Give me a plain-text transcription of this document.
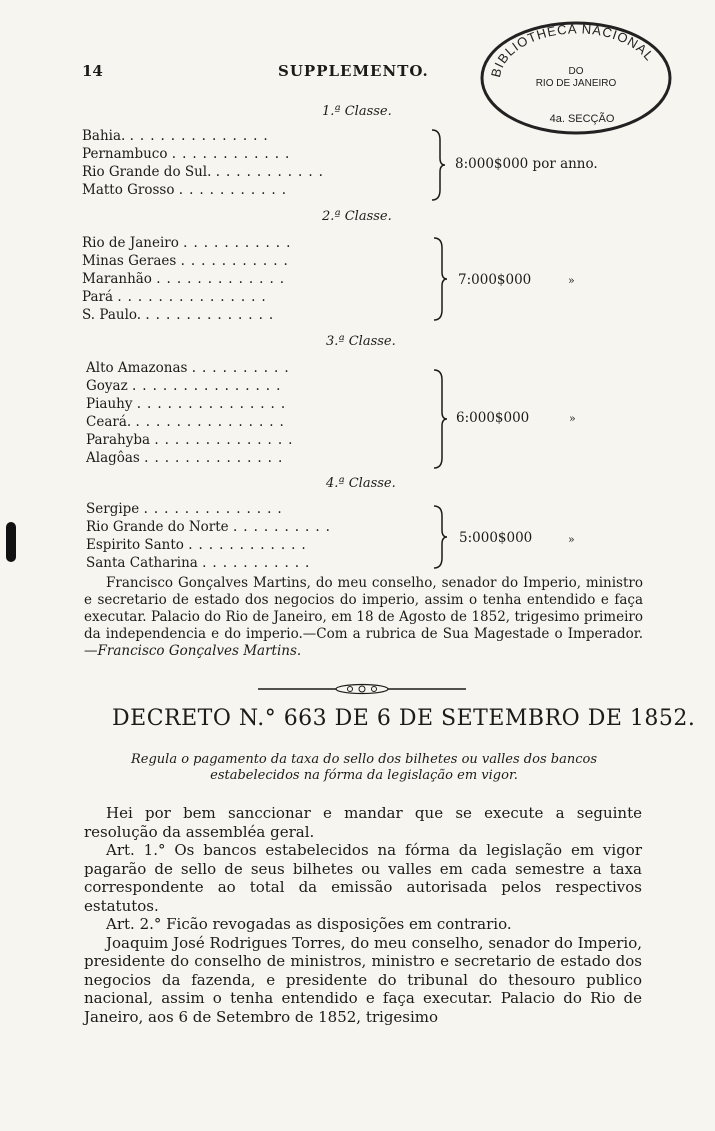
14	SUPPLEMENTO.	BIBLIOTHECA NACIONAL
DO
RIO DE JANEIRO
4a. SECÇÃO
1.ª Classe.
Bahia. ..............
Pernambuco ............
Rio Grande do Sul. ...........
Matto Grosso ...........
8:000$000 por anno.
2.ª Classe.
Rio de Janeiro ...........
Minas Geraes ...........
Maranhão .............
Pará ...............
S. Paulo. .............
7:000$000	»
3.ª Classe.
Alto Amazonas ..........
Goyaz ...............
Piauhy ...............
Ceará. ...............
Parahyba ..............
Alagôas ..............
6:000$000	»
4.ª Classe.
Sergipe ..............
Rio Grande do Norte ..........
Espirito Santo ............
Santa Catharina ...........
5:000$000	»
Francisco Gonçalves Martins, do meu conselho, senador do Imperio, ministro e secretario de estado dos negocios do imperio, assim o tenha entendido e faça executar. Palacio do Rio de Janeiro, em 18 de Agosto de 1852, trigesimo primeiro da independencia e do imperio.—Com a rubrica de Sua Magestade o Imperador.—Francisco Gonçalves Martins.
DECRETO N.° 663 DE 6 DE SETEMBRO DE 1852.
Regula o pagamento da taxa do sello dos bilhetes ou valles dos bancos
estabelecidos na fórma da legislação em vigor.
Hei por bem sanccionar e mandar que se execute a seguinte resolução da assembléa geral.
Art. 1.° Os bancos estabelecidos na fórma da legislação em vigor pagarão de sello de seus bilhetes ou valles em cada semestre a taxa correspondente ao total da emissão autorisada pelos respectivos estatutos.
Art. 2.° Ficão revogadas as disposições em contrario.
Joaquim José Rodrigues Torres, do meu conselho, senador do Imperio, presidente do conselho de ministros, ministro e secretario de estado dos negocios da fazenda, e presidente do tribunal do thesouro publico nacional, assim o tenha entendido e faça executar. Palacio do Rio de Janeiro, aos 6 de Setembro de 1852, trigesimo
